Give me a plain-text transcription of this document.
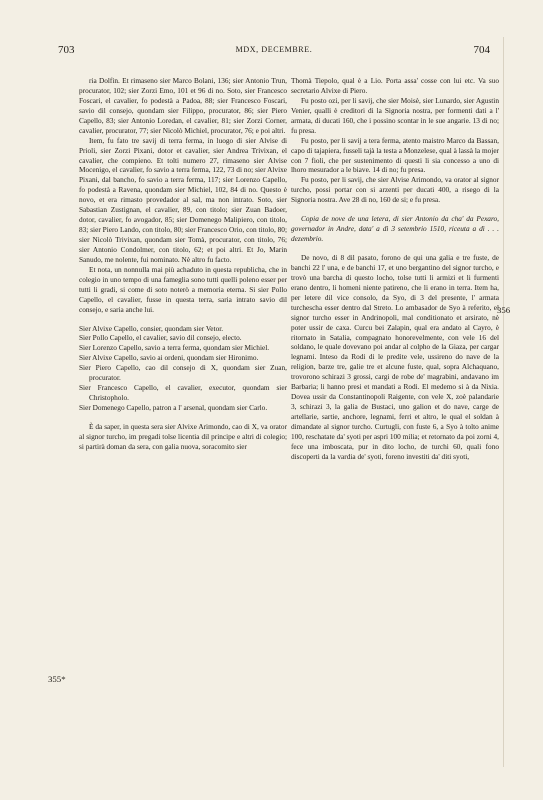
703	MDX, DECEMBRE.	704

ria Dolfin. Et rimaseno sier Marco Bolani, 136; sier Antonio Trun, procurator, 102; sier Zorzi Emo, 101 et 96 di no. Soto, sier Francesco Foscari, el cavalier, fo podestà a Padoa, 88; sier Francesco Foscari, savio dil consejo, quondam sier Filippo, procurator, 86; sier Piero Capello, 83; sier Antonio Loredan, el cavalier, 81; sier Zorzi Corner, cavalier, procurator, 77; sier Nicolò Michiel, procurator, 76; e poi altri.

Item, fu fato tre savij di terra ferma, in luogo di sier Alvise di Prioli, sier Zorzi Pixani, dotor et cavalier, sier Andrea Trivixan, el cavalier, che compieno. Et tolti numero 27, rimaseno sier Alvise Mocenigo, el cavalier, fo savio a terra ferma, 122, 73 di no; sier Alvixe Pixani, dal bancho, fo savio a terra ferma, 117; sier Lorenzo Capello, fo podestà a Ravena, quondam sier Michiel, 102, 84 di no. Questo è novo, et era rimasto provedador al sal, ma non intrato. Soto, sier Sabastian Zustignan, el cavalier, 89, con titolo; sier Zuan Badoer, dotor, cavalier, fo avogador, 85; sier Domenego Malipiero, con titolo, 83; sier Piero Lando, con titolo, 80; sier Francesco Orio, con titolo, 80; sier Nicolò Trivixan, quondam sier Tomà, procurator, con titolo, 76; sier Antonio Condolmer, con titolo, 62; et poi altri. Et Jo, Marin Sanudo, me nolente, fui nominato. Nè altro fu facto.

Et nota, un nonnulla mai più achaduto in questa republicha, che in colegio in uno tempo di una fameglia sono tutti quelli poleno esser per tutti li gradi, si come di soto noterò a memoria eterna. Si sier Pollo Capello, el cavalier, fusse in questa terra, saria intrato savio dil consejo, e saria anche lui.

Sier Alvixe Capello, consier, quondam sier Vetor.

Sier Pollo Capello, el cavalier, savio dil consejo, electo.

Sier Lorenzo Capello, savio a terra ferma, quondam sier Michiel.

Sier Alvixe Capello, savio ai ordeni, quondam sier Hironimo.

Sier Piero Capello, cao dil consejo di X, quondam sier Zuan, procurator.

Sier Francesco Capello, el cavalier, executor, quondam sier Christopholo.

Sier Domenego Capello, patron a l' arsenal, quondam sier Carlo.

È da saper, in questa sera sier Alvixe Arimondo, cao di X, va orator al signor turcho, im pregadi tolse licentia dil principe e altri di colegio; si partirà doman da sera, con galia nuova, soracomito sier

Thomà Tiepolo, qual è a Lio. Porta assa' cosse con lui etc. Va suo secretario Alvixe di Piero.

Fu posto ozi, per li savij, che sier Moisè, sier Lunardo, sier Agustin Venier, qualli è creditori di la Signoria nostra, per formenti dati a l' armata, di ducati 160, che i possino scontar in le sue angarie. 13 di no; fu presa.

Fu posto, per li savij a tera ferma, atento maistro Marco da Bassan, capo di tajapiera, fusseli tajà la testa a Monzelese, qual à lassà la mojer con 7 fioli, che per sustenimento di questi li sia concesso a uno di lhoro mesurador a le biave. 14 di no; fu presa.

Fu posto, per li savij, che sier Alvise Arimondo, va orator al signor turcho, possi portar con si arzenti per ducati 400, a risego di la Signoria nostra. Ave 28 di no, 160 de si; e fu presa.

Copia de nove de una letera, di sier Antonio da cha' da Pexaro, governador in Andre, data' a dì 3 setembrio 1510, riceuta a dì . . . dezembrio.

De novo, di 8 dil pasato, forono de qui una galia e tre fuste, de banchi 22 l' una, e de banchi 17, et uno bergantino del signor turcho, e trovò una barcha di questo locho, tolse tutti li armizi et li furmenti erano dentro, li homeni niente patireno, che li erano in terra. Item ha, per letere dil vice consolo, da Syo, di 3 del presente, l' armata turchescha esser dentro dal Streto. Lo ambasador de Syo à referito, el signor turcho esser in Andrinopoli, mal conditionato et arsirato, nè poter ussir de caxa. Curcu bei Zalapin, qual era andato al Cayro, è ritornato in Satalia, compagnato honorevelmente, con vele 16 del soldano, le quale dovevano poi andar al colpho de la Giaza, per cargar legnami. Inteso da Rodi di le predite vele, ussireno do nave de la religion, barze tre, galie tre et alcune fuste, qual, sopra Alchaquano, trovorono schirazi 3 grossi, cargi de robe de' magrabini, andavano im Barbaria; li hanno presi et mandati a Rodi. El medemo si à da Nixia. Dovea ussir da Constantinopoli Raigente, con vele X, zoè palandarie 3, schirazi 3, la galia de Bustaci, uno galion et do nave, carge de artellarie, sartie, anchore, legnami, ferri et altro, le qual el soldan à dimandate al signor turcho. Curtugli, con fuste 6, a Syo à tolto anime 100, reschatate da' syoti per aspri 100 milia; et retornato da poi zorni 4, fece una imboscata, pur in dito locho, de turchi 60, quali fono discoperti da la vardia de' syoti, foreno investiti da' diti syoti,

355*
356
